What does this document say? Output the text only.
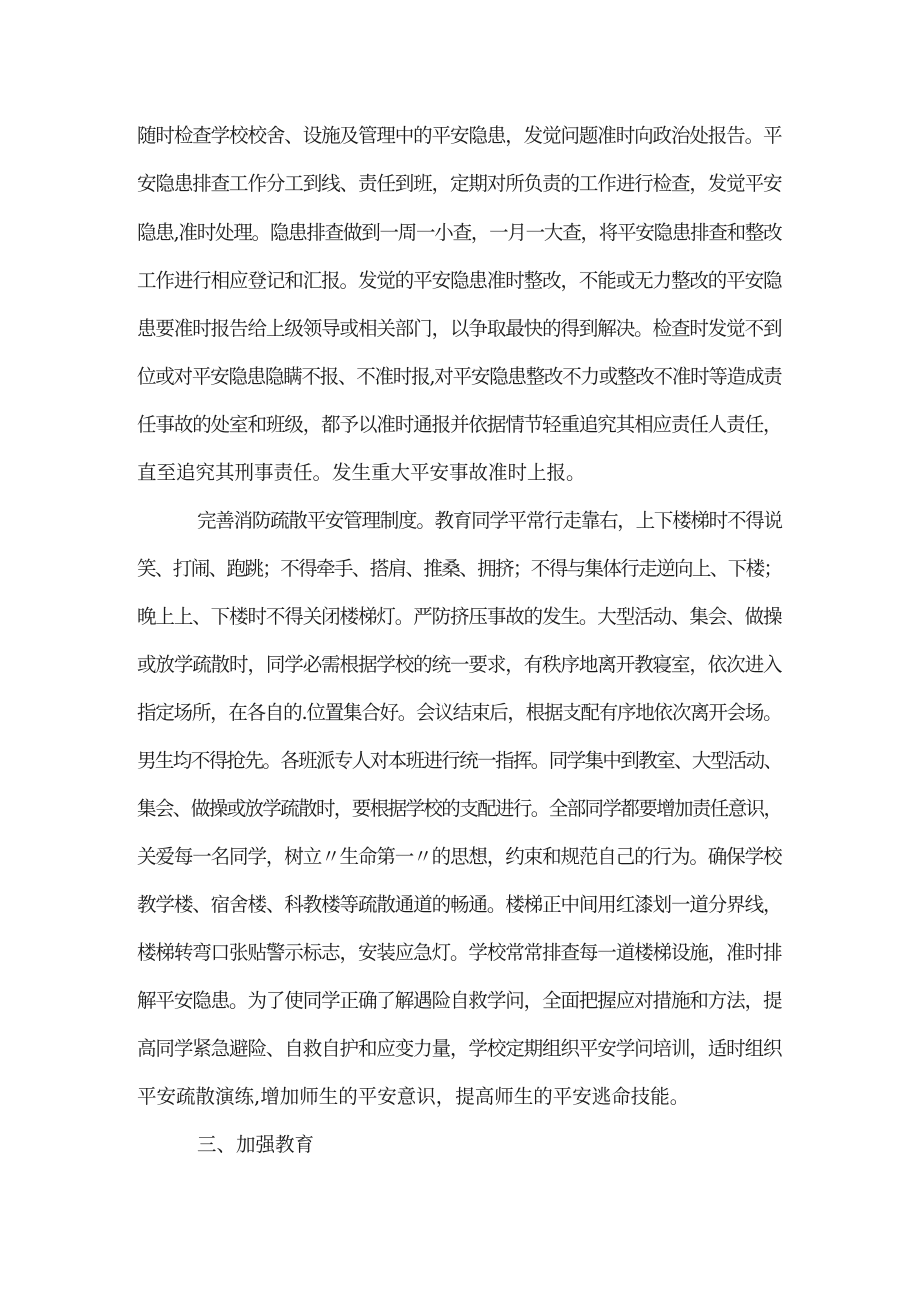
随时检查学校校舍、设施及管理中的平安隐患，发觉问题准时向政治处报告。平
安隐患排查工作分工到线、责任到班，定期对所负责的工作进行检查，发觉平安
隐患,准时处理。隐患排查做到一周一小查，一月一大查，将平安隐患排查和整改
工作进行相应登记和汇报。发觉的平安隐患准时整改，不能或无力整改的平安隐
患要准时报告给上级领导或相关部门，以争取最快的得到解决。检查时发觉不到
位或对平安隐患隐瞒不报、不准时报,对平安隐患整改不力或整改不准时等造成责
任事故的处室和班级，都予以准时通报并依据情节轻重追究其相应责任人责任，
直至追究其刑事责任。发生重大平安事故准时上报。
完善消防疏散平安管理制度。教育同学平常行走靠右，上下楼梯时不得说
笑、打闹、跑跳；不得牵手、搭肩、推桑、拥挤；不得与集体行走逆向上、下楼；
晚上上、下楼时不得关闭楼梯灯。严防挤压事故的发生。大型活动、集会、做操
或放学疏散时，同学必需根据学校的统一要求，有秩序地离开教寝室，依次进入
指定场所，在各自的.位置集合好。会议结束后，根据支配有序地依次离开会场。
男生均不得抢先。各班派专人对本班进行统一指挥。同学集中到教室、大型活动、
集会、做操或放学疏散时，要根据学校的支配进行。全部同学都要增加责任意识，
关爱每一名同学，树立〃生命第一〃的思想，约束和规范自己的行为。确保学校
教学楼、宿舍楼、科教楼等疏散通道的畅通。楼梯正中间用红漆划一道分界线，
楼梯转弯口张贴警示标志，安装应急灯。学校常常排查每一道楼梯设施，准时排
解平安隐患。为了使同学正确了解遇险自救学问，全面把握应对措施和方法，提
高同学紧急避险、自救自护和应变力量，学校定期组织平安学问培训，适时组织
平安疏散演练,增加师生的平安意识，提高师生的平安逃命技能。
三、加强教育
